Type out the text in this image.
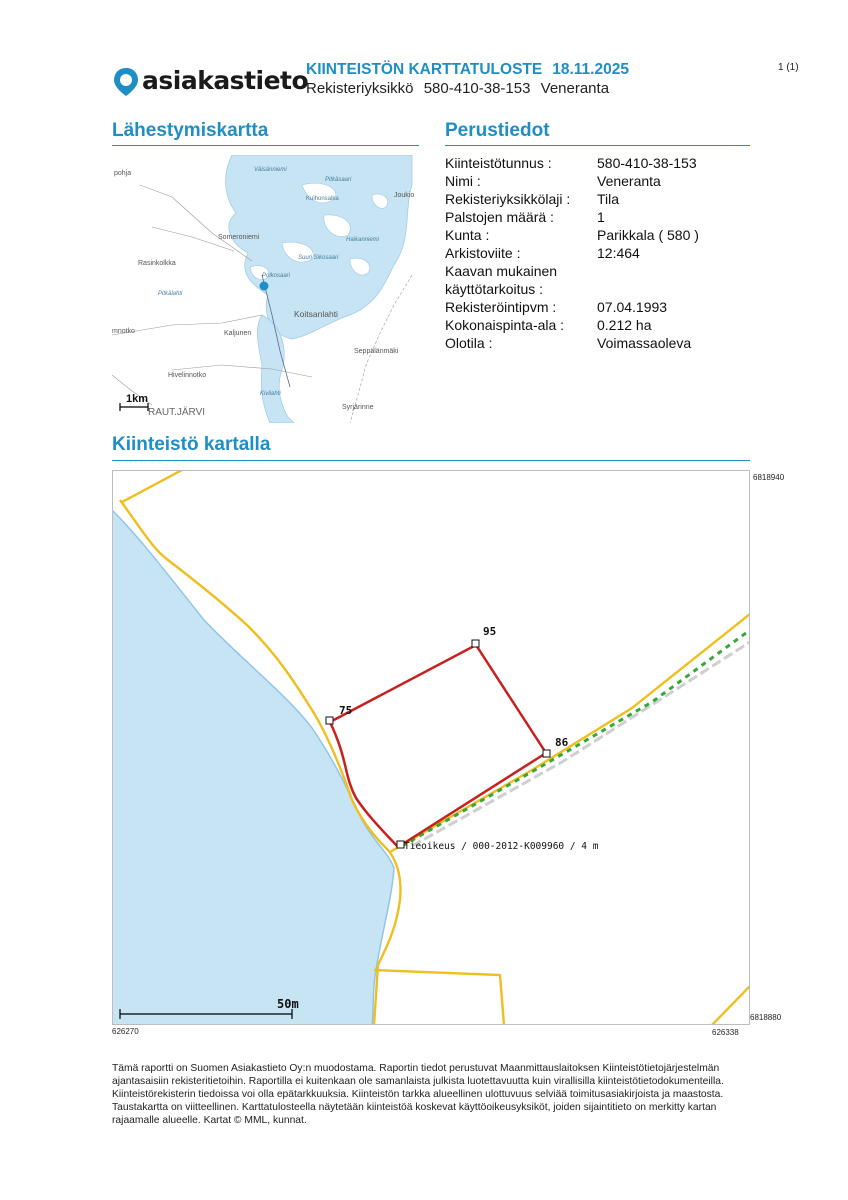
asiakastieto
KIINTEISTÖN KARTTATULOSTE 18.11.2025
Rekisteriyksikkö 580-410-38-153 Veneranta
1 (1)
Lähestymiskartta	Perustiedot
Kiinteistö kartalla
Kiinteistötunnus :	580-410-38-153
Nimi :	Veneranta
Rekisteriyksikkölaji :	Tila
Palstojen määrä :	1
Kunta :	Parikkala ( 580 )
Arkistoviite :	12:464
Kaavan mukainen
käyttötarkoitus :
Rekisteröintipvm :	07.04.1993
Kokonaispinta-ala :	0.212 ha
Olotila :	Voimassaoleva
pohja	Väisänniemi
Pitkäsaari
Kuihonsalka	Joukio
Someroniemi	Haikanniemi
Suuri Sikosaari
Rasinkolkka
Polkosaari
Pitkälahti
Koitsanlahti
mnotko	Kaljunen
Seppälänmäki
Hivelinnotko
Kivilahti
RAUT.JÄRVI	Syrjärinne
1km
95
75
86
Tieoikeus / 000-2012-K009960 / 4 m
50m
6818940
6818880
626270	626338
Tämä raportti on Suomen Asiakastieto Oy:n muodostama. Raportin tiedot perustuvat Maanmittauslaitoksen Kiinteistötietojärjestelmän ajantasaisiin rekisteritietoihin. Raportilla ei kuitenkaan ole samanlaista julkista luotettavuutta kuin virallisilla kiinteistötietodokumenteilla. Kiinteistörekisterin tiedoissa voi olla epätarkkuuksia. Kiinteistön tarkka alueellinen ulottuvuus selviää toimitusasiakirjoista ja maastosta. Taustakartta on viitteellinen. Karttatulosteella näytetään kiinteistöä koskevat käyttöoikeusyksiköt, joiden sijaintitieto on merkitty kartan rajaamalle alueelle. Kartat © MML, kunnat.
